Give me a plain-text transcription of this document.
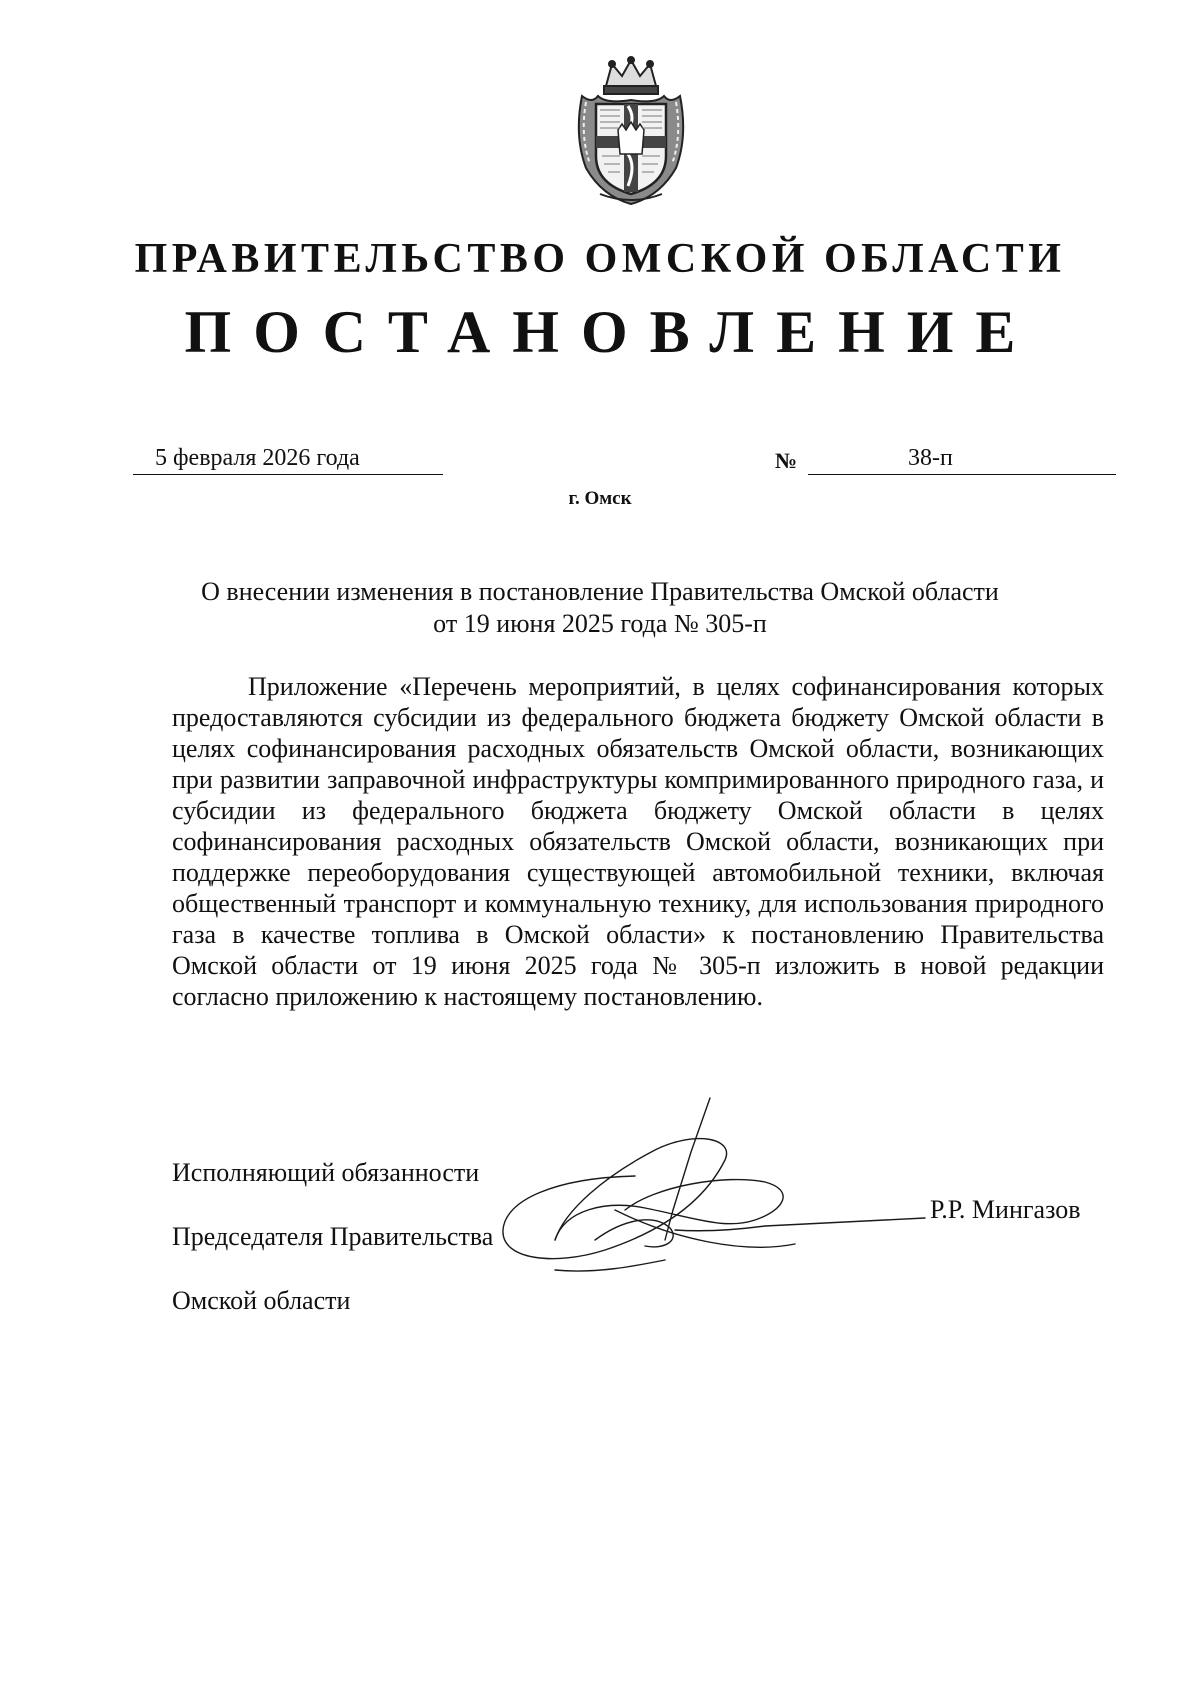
ПРАВИТЕЛЬСТВО ОМСКОЙ ОБЛАСТИ
ПОСТАНОВЛЕНИЕ
5 февраля 2026 года	№	38-п
г. Омск
О внесении изменения в постановление Правительства Омской области
от 19 июня 2025 года № 305-п
Приложение «Перечень мероприятий, в целях софинансирования которых предоставляются субсидии из федерального бюджета бюджету Омской области в целях софинансирования расходных обязательств Омской области, возникающих при развитии заправочной инфраструктуры компримированного природного газа, и субсидии из федерального бюджета бюджету Омской области в целях софинансирования расходных обязательств Омской области, возникающих при поддержке переоборудования существующей автомобильной техники, включая общественный транспорт и коммунальную технику, для использования природного газа в качестве топлива в Омской области» к постановлению Правительства Омской области от 19 июня 2025 года № 305-п изложить в новой редакции согласно приложению к настоящему постановлению.

Исполняющий обязанности

Председателя Правительства

Омской области

Р.Р. Мингазов
